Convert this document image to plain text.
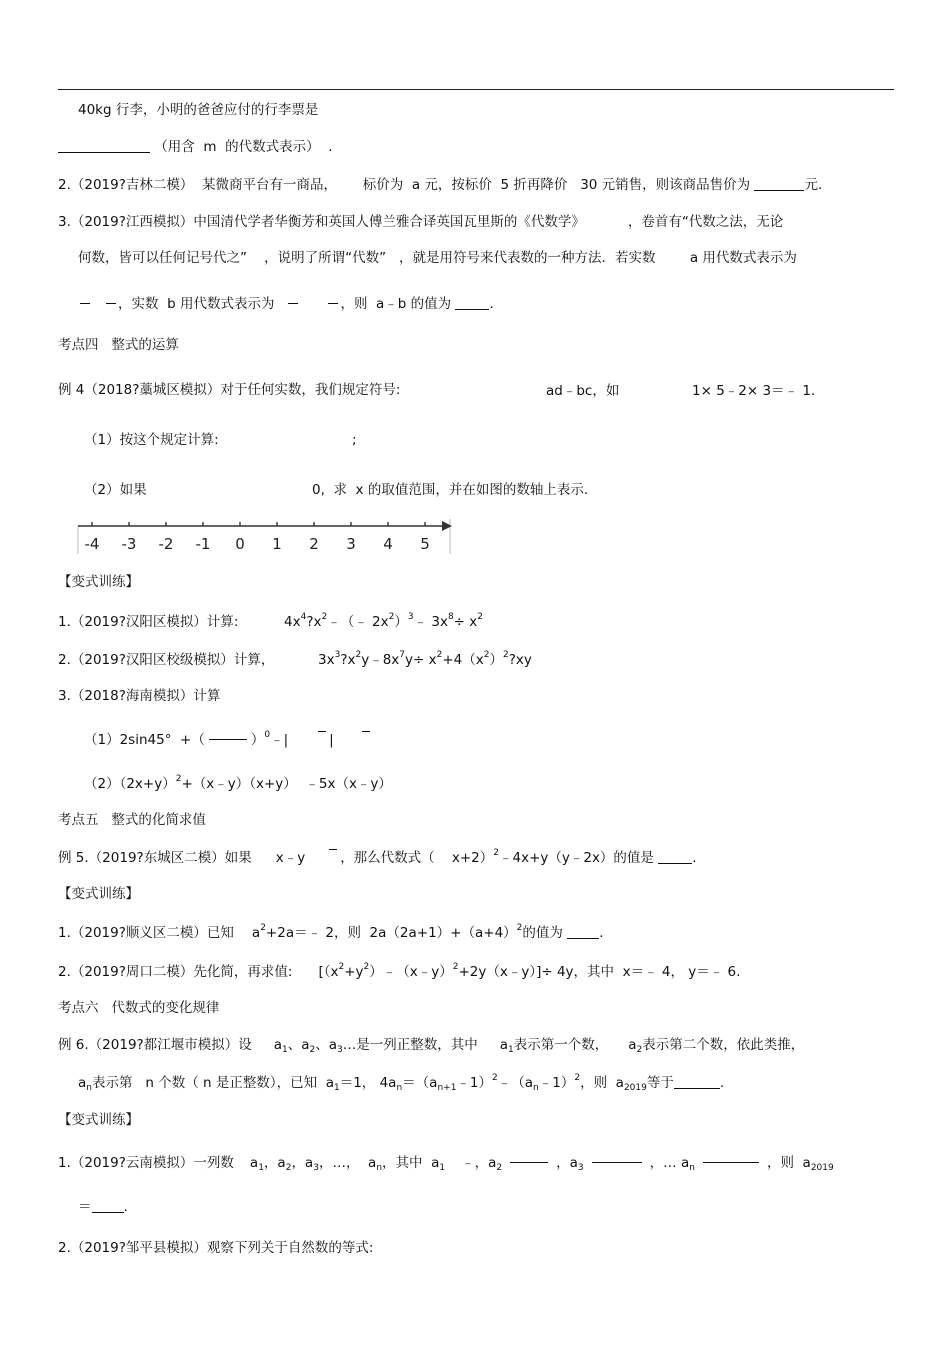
40kg 行李，小明的爸爸应付的行李票是
（用含  m  的代数式表示）  .
2.（2019?吉林二模）  某微商平台有一商品，      标价为  a 元，按标价  5 折再降价   30 元销售，则该商品售价为	元.
3.（2019?江西模拟）中国清代学者华衡芳和英国人傅兰雅合译英国瓦里斯的《代数学》          ，卷首有“代数之法，无论
何数，皆可以任何记号代之”    ，说明了所谓“代数”   ，就是用符号来代表数的一种方法．若实数        a 用代数式表示为
，实数  b 用代数式表示为	，则  a﹣b 的值为	.
考点四   整式的运算
例 4（2018?藁城区模拟）对于任何实数，我们规定符号:	ad﹣bc，如	1× 5﹣2× 3＝﹣ 1.
（1）按这个规定计算:	;
（2）如果	0,  求  x 的取值范围，并在如图的数轴上表示.
-4 -3 -2 -1 0 1 2 3 4 5
【变式训练】
1.（2019?汉阳区模拟）计算:	$4x^4?x^2﹣(﹣$ $2x^2)^3﹣$ $3x^8\div x^2$
2.（2019?汉阳区校级模拟）计算，	$3x^3?x^2y﹣8x^7y\div$ $x^2+4(x^2)^2?xy$
3.（2018?海南模拟）计算
（1）2sin45°  +（	）$^0$﹣|	|
$(2)(2x+y)^2+(x﹣y)(x+y)$  ﹣5x（x﹣y）
考点五   整式的化简求值
例 5.（2019?东城区二模）如果 x﹣y	，那么代数式（    x+2）$^2$﹣4x+y（y﹣2x）的值是	.
【变式训练】
1.（2019?顺义区二模）已知 $a^2+2a=﹣$ 2，则  $2a(2a+1)+(a+4)^2$的值为	.
2.（2019?周口二模）先化简，再求值: $[(x^2+y^2)﹣(x﹣y)^2+2y(x﹣y)]\div 4y$，其中  x＝﹣ 4， y＝﹣ 6.
考点六   代数式的变化规律
例 6.（2019?都江堰市模拟）设 $a_1$、$a_2$、$a_3\dots$是一列正整数，其中 $a_1$表示第一个数， $a_2$表示第二个数，依此类推，
$a_n$表示第   n 个数（ n 是正整数），已知  $a_1=1$， $4a_n=(a_{n+1}﹣1)^2﹣(a_n﹣1)^2$，则  $a_{2019}$等于	.
【变式训练】
1.（2019?云南模拟）一列数 $a_1$，$a_2$，$a_3$，…，  $a_n$，其中  $a_1$ ﹣，$a_2$	，$a_3$	，… $a_n$	，则  $a_{2019}$
＝ .
2.（2019?邹平县模拟）观察下列关于自然数的等式:
